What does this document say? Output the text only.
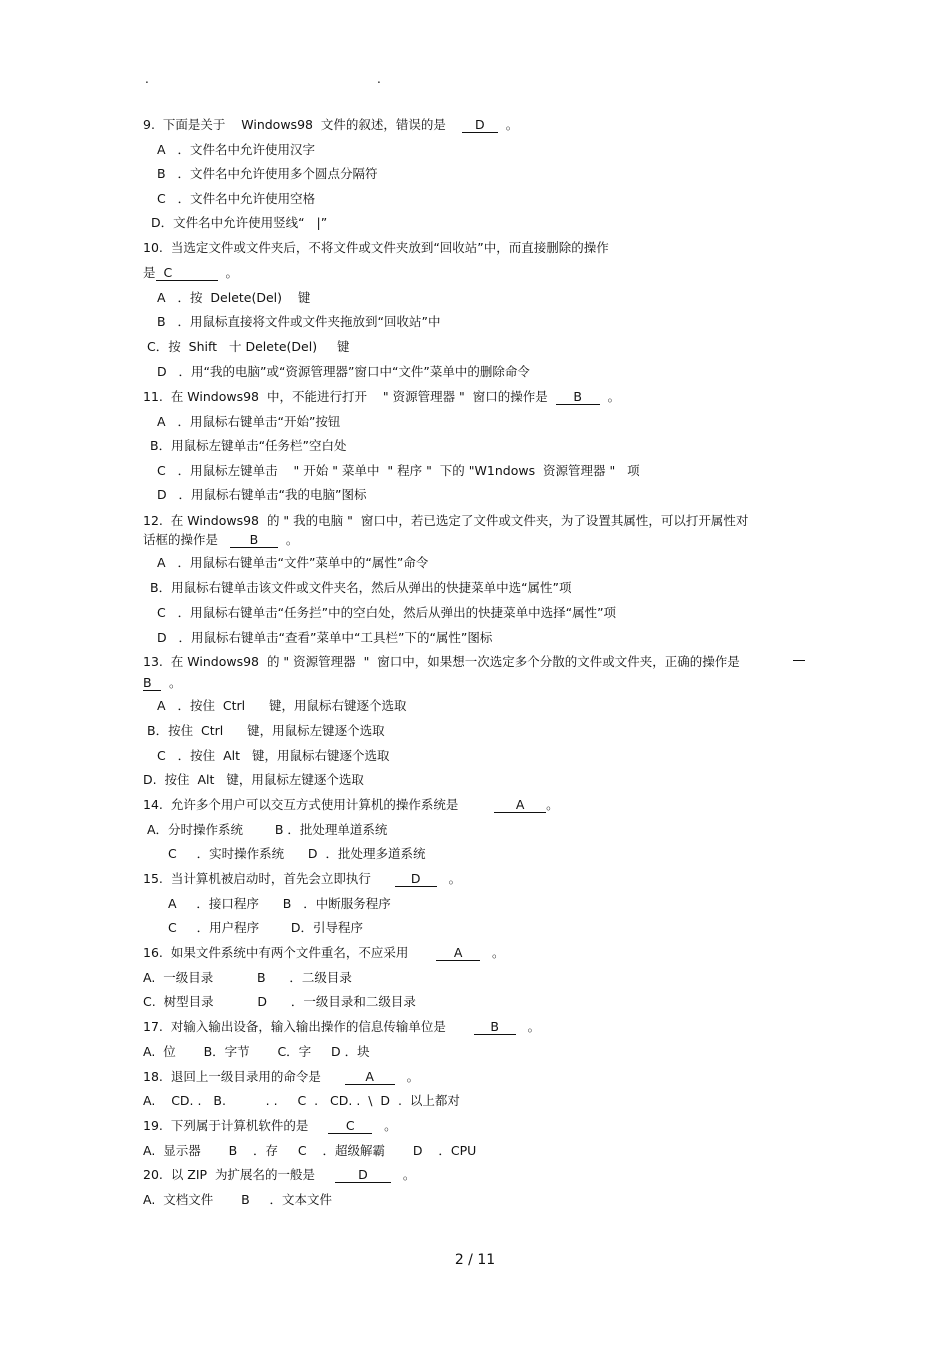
.	.
9.  下面是关于    Windows98  文件的叙述，错误的是    D  。
A   ．文件名中允许使用汉字
B   ．文件名中允许使用多个圆点分隔符
C   ．文件名中允许使用空格
D．文件名中允许使用竖线“   |”
10.  当选定文件或文件夹后，不将文件或文件夹放到“回收站”中，而直接删除的操作
是 C	。
A   ．按  Delete(Del)    键
B   ．用鼠标直接将文件或文件夹拖放到“回收站”中
C．按  Shift   十 Delete(Del)     键
D   ．用“我的电脑”或“资源管理器”窗口中“文件”菜单中的删除命令
11.  在 Windows98  中，不能进行打开    " 资源管理器 "  窗口的操作是  B  。
A   ．用鼠标右键单击“开始”按钮
B．用鼠标左键单击“任务栏”空白处
C   ．用鼠标左键单击    " 开始 " 菜单中  " 程序 "  下的 "W1ndows  资源管理器 "   项
D   ．用鼠标右键单击“我的电脑”图标
12.  在 Windows98  的 " 我的电脑 "  窗口中，若已选定了文件或文件夹，为了设置其属性，可以打开属性对
话框的操作是   B  。
A   ．用鼠标右键单击“文件”菜单中的“属性”命令
B．用鼠标右键单击该文件或文件夹名，然后从弹出的快捷菜单中选“属性”项
C   ．用鼠标右键单击“任务拦”中的空白处，然后从弹出的快捷菜单中选择“属性”项
D   ．用鼠标右键单击“查看”菜单中“工具栏”下的“属性”图标
13.  在 Windows98  的 " 资源管理器  "  窗口中，如果想一次选定多个分散的文件或文件夹，正确的操作是
B  。
A   ．按住  Ctrl      键，用鼠标右键逐个选取
B．按住  Ctrl      键，用鼠标左键逐个选取
C   ．按住  Alt   键，用鼠标右键逐个选取
D.  按住  Alt   键，用鼠标左键逐个选取
14.  允许多个用户可以交互方式使用计算机的操作系统是         A 。
A．分时操作系统        B ．批处理单道系统
C     ．实时操作系统      D  ．批处理多道系统
15.  当计算机被启动时，首先会立即执行      D   。
A     ．接口程序      B   ．中断服务程序
C     ．用户程序        D．引导程序
16.  如果文件系统中有两个文件重名，不应采用       A   。
A.  一级目录           B      ．二级目录
C.  树型目录           D      ．一级目录和二级目录
17.  对输入输出设备，输入输出操作的信息传输单位是       B   。
A.  位       B．字节       C．字     D ．块
18.  退回上一级目录用的命令是      A   。
A.    CD. .   B.          . .     C  .   CD. .  \  D  .  以上都对
19.  下列属于计算机软件的是     C   。
A.  显示器       B    ．存     C    ．超级解霸       D    ．CPU
20.  以 ZIP  为扩展名的一般是     D   。
A.  文档文件       B     ．文本文件
2 / 11
